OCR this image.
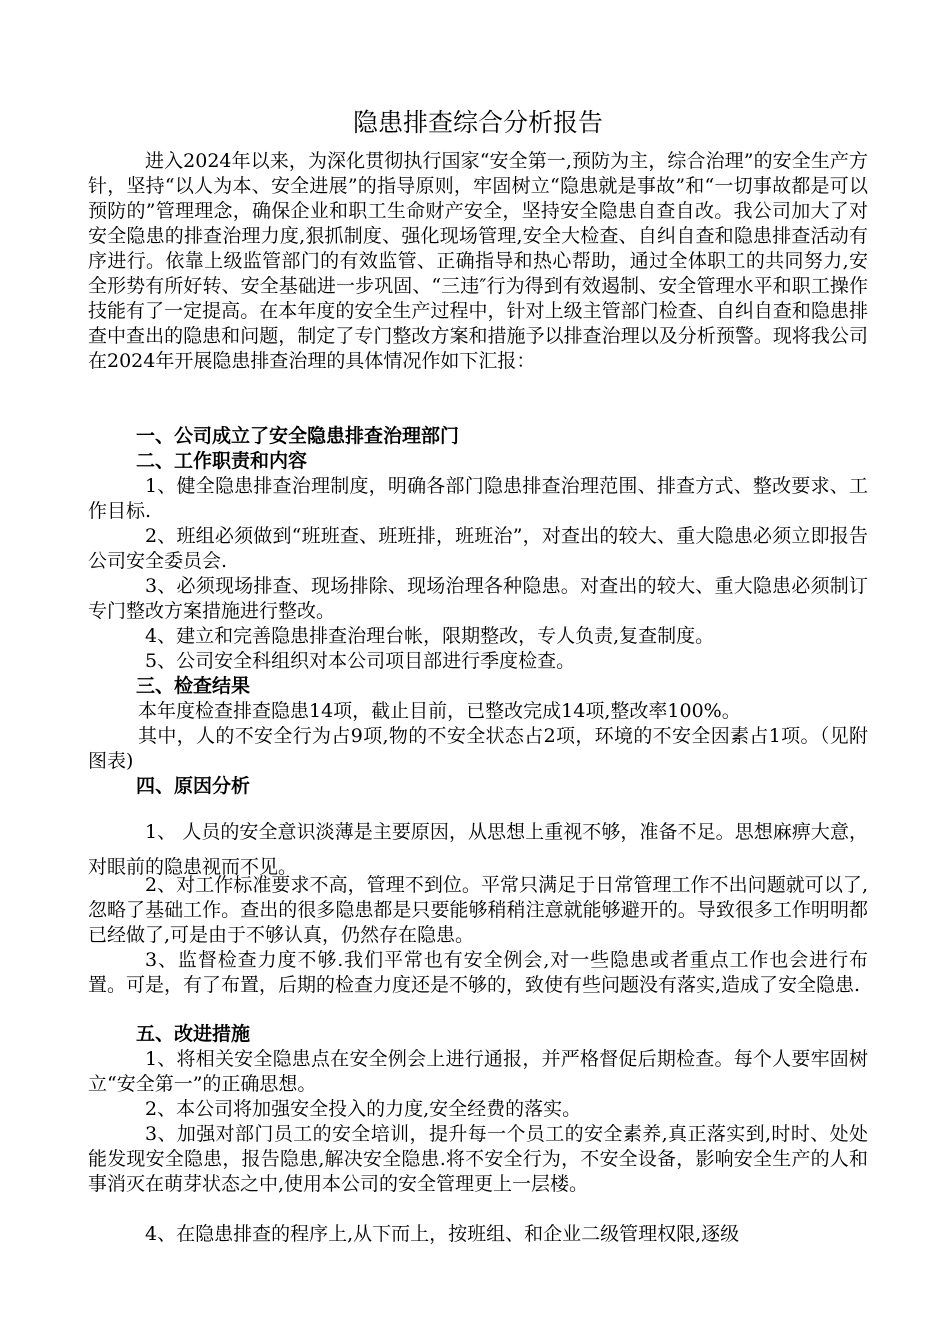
隐患排查综合分析报告

进入2024年以来，为深化贯彻执行国家“安全第一,预防为主，综合治理”的安全生产方针，坚持“以人为本、安全进展”的指导原则，牢固树立“隐患就是事故”和“一切事故都是可以预防的”管理理念，确保企业和职工生命财产安全，坚持安全隐患自查自改。我公司加大了对安全隐患的排查治理力度,狠抓制度、强化现场管理,安全大检查、自纠自查和隐患排查活动有序进行。依靠上级监管部门的有效监管、正确指导和热心帮助，通过全体职工的共同努力,安全形势有所好转、安全基础进一步巩固、“三违″行为得到有效遏制、安全管理水平和职工操作技能有了一定提高。在本年度的安全生产过程中，针对上级主管部门检查、自纠自查和隐患排查中查出的隐患和问题，制定了专门整改方案和措施予以排查治理以及分析预警。现将我公司在2024年开展隐患排查治理的具体情况作如下汇报：

一、公司成立了安全隐患排查治理部门
二、工作职责和内容

1、健全隐患排查治理制度，明确各部门隐患排查治理范围、排查方式、整改要求、工作目标.

2、班组必须做到“班班查、班班排，班班治”，对查出的较大、重大隐患必须立即报告公司安全委员会.

3、必须现场排查、现场排除、现场治理各种隐患。对查出的较大、重大隐患必须制订专门整改方案措施进行整改。

4、建立和完善隐患排查治理台帐，限期整改，专人负责,复查制度。

5、公司安全科组织对本公司项目部进行季度检查。

三、检查结果

本年度检查排查隐患14项，截止目前，已整改完成14项,整改率100%。

其中，人的不安全行为占9项,物的不安全状态占2项，环境的不安全因素占1项。（见附图表)

四、原因分析

1、 人员的安全意识淡薄是主要原因，从思想上重视不够，准备不足。思想麻痹大意，对眼前的隐患视而不见。

2、对工作标准要求不高，管理不到位。平常只满足于日常管理工作不出问题就可以了,忽略了基础工作。查出的很多隐患都是只要能够稍稍注意就能够避开的。导致很多工作明明都已经做了,可是由于不够认真，仍然存在隐患。

3、监督检查力度不够.我们平常也有安全例会,对一些隐患或者重点工作也会进行布置。可是，有了布置，后期的检查力度还是不够的，致使有些问题没有落实,造成了安全隐患.

五、改进措施

1、将相关安全隐患点在安全例会上进行通报，并严格督促后期检查。每个人要牢固树立“安全第一”的正确思想。

2、本公司将加强安全投入的力度,安全经费的落实。

3、加强对部门员工的安全培训，提升每一个员工的安全素养,真正落实到,时时、处处能发现安全隐患，报告隐患,解决安全隐患.将不安全行为，不安全设备，影响安全生产的人和事消灭在萌芽状态之中,使用本公司的安全管理更上一层楼。

4、在隐患排查的程序上,从下而上，按班组、和企业二级管理权限,逐级
